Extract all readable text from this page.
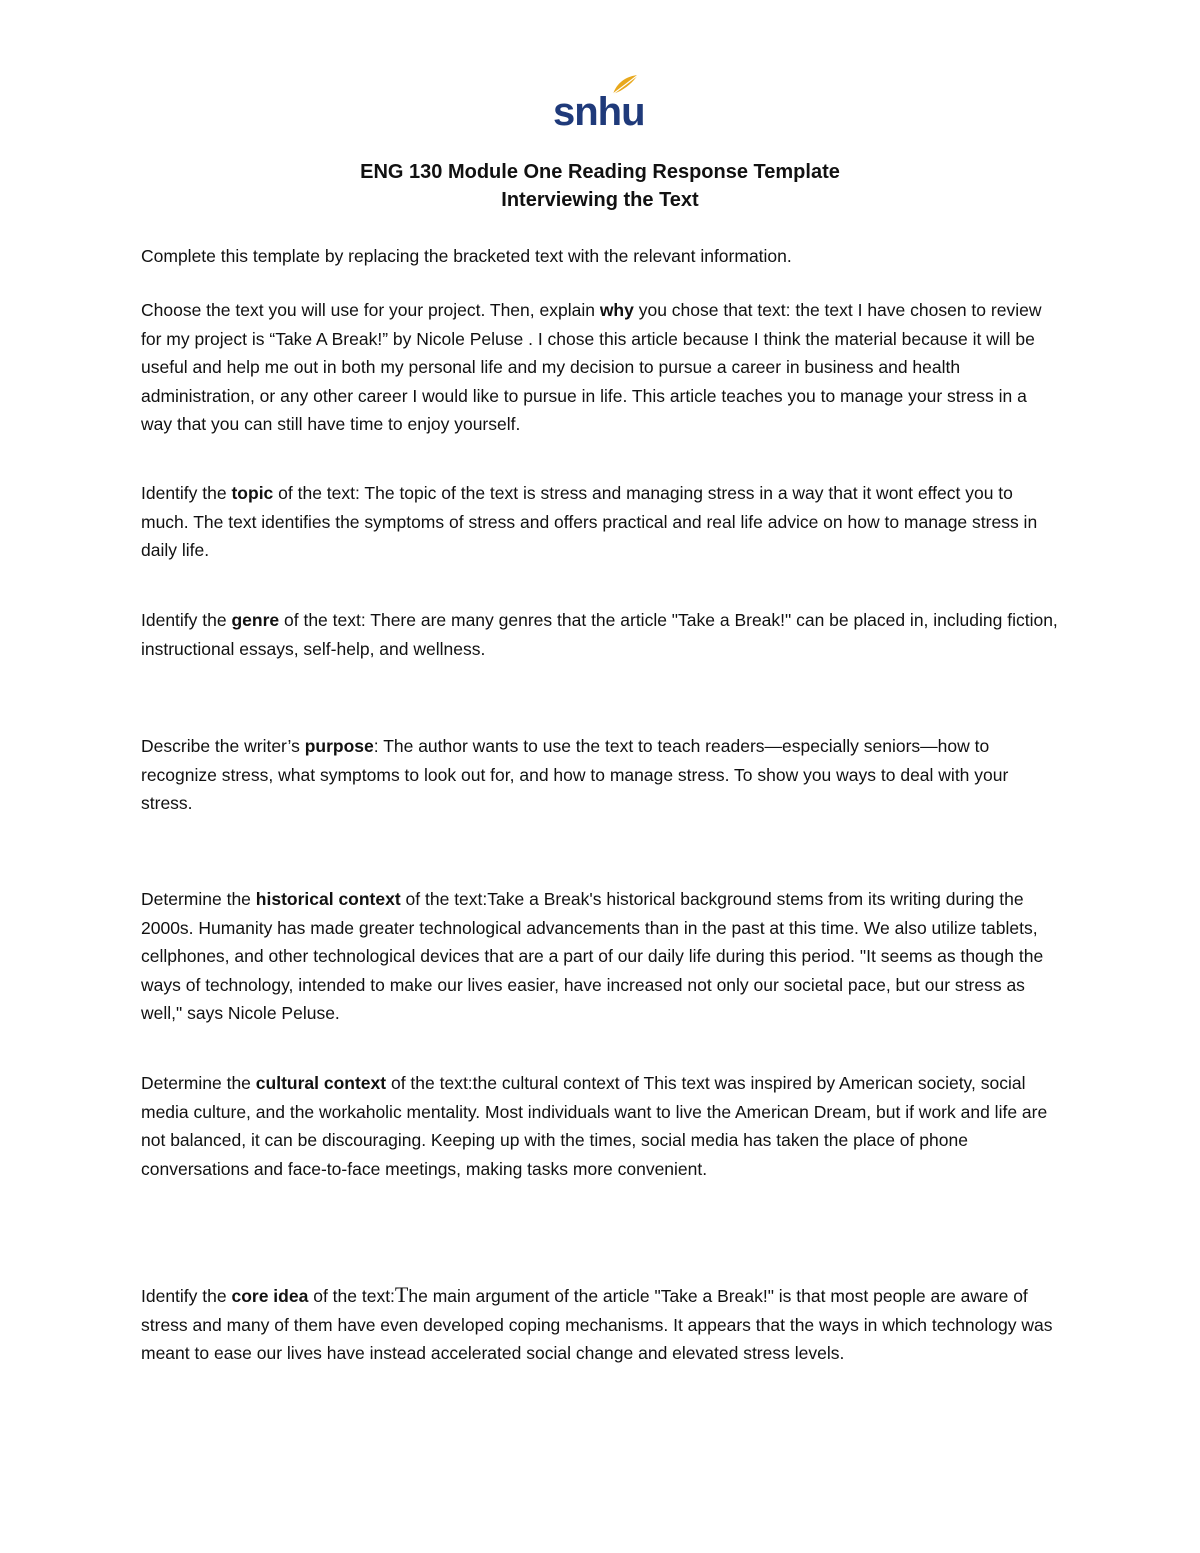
snhu
ENG 130 Module One Reading Response Template
Interviewing the Text
Complete this template by replacing the bracketed text with the relevant information.
Choose the text you will use for your project. Then, explain why you chose that text: the text I have chosen to review for my project is “Take A Break!” by Nicole Peluse . I chose this article because I think the material because it will be useful and help me out in both my personal life and my decision to pursue a career in business and health administration, or any other career I would like to pursue in life. This article teaches you to manage your stress in a way that you can still have time to enjoy yourself.
Identify the topic of the text: The topic of the text is stress and managing stress in a way that it wont effect you to much. The text identifies the symptoms of stress and offers practical and real life advice on how to manage stress in daily life.
Identify the genre of the text: There are many genres that the article "Take a Break!" can be placed in, including fiction, instructional essays, self-help, and wellness.
Describe the writer’s purpose: The author wants to use the text to teach readers—especially seniors—how to recognize stress, what symptoms to look out for, and how to manage stress. To show you ways to deal with your stress.
Determine the historical context of the text:Take a Break's historical background stems from its writing during the 2000s. Humanity has made greater technological advancements than in the past at this time. We also utilize tablets, cellphones, and other technological devices that are a part of our daily life during this period. "It seems as though the ways of technology, intended to make our lives easier, have increased not only our societal pace, but our stress as well," says Nicole Peluse.
Determine the cultural context of the text:the cultural context of This text was inspired by American society, social media culture, and the workaholic mentality. Most individuals want to live the American Dream, but if work and life are not balanced, it can be discouraging. Keeping up with the times, social media has taken the place of phone conversations and face-to-face meetings, making tasks more convenient.
Identify the core idea of the text:The main argument of the article "Take a Break!" is that most people are aware of stress and many of them have even developed coping mechanisms. It appears that the ways in which technology was meant to ease our lives have instead accelerated social change and elevated stress levels.
